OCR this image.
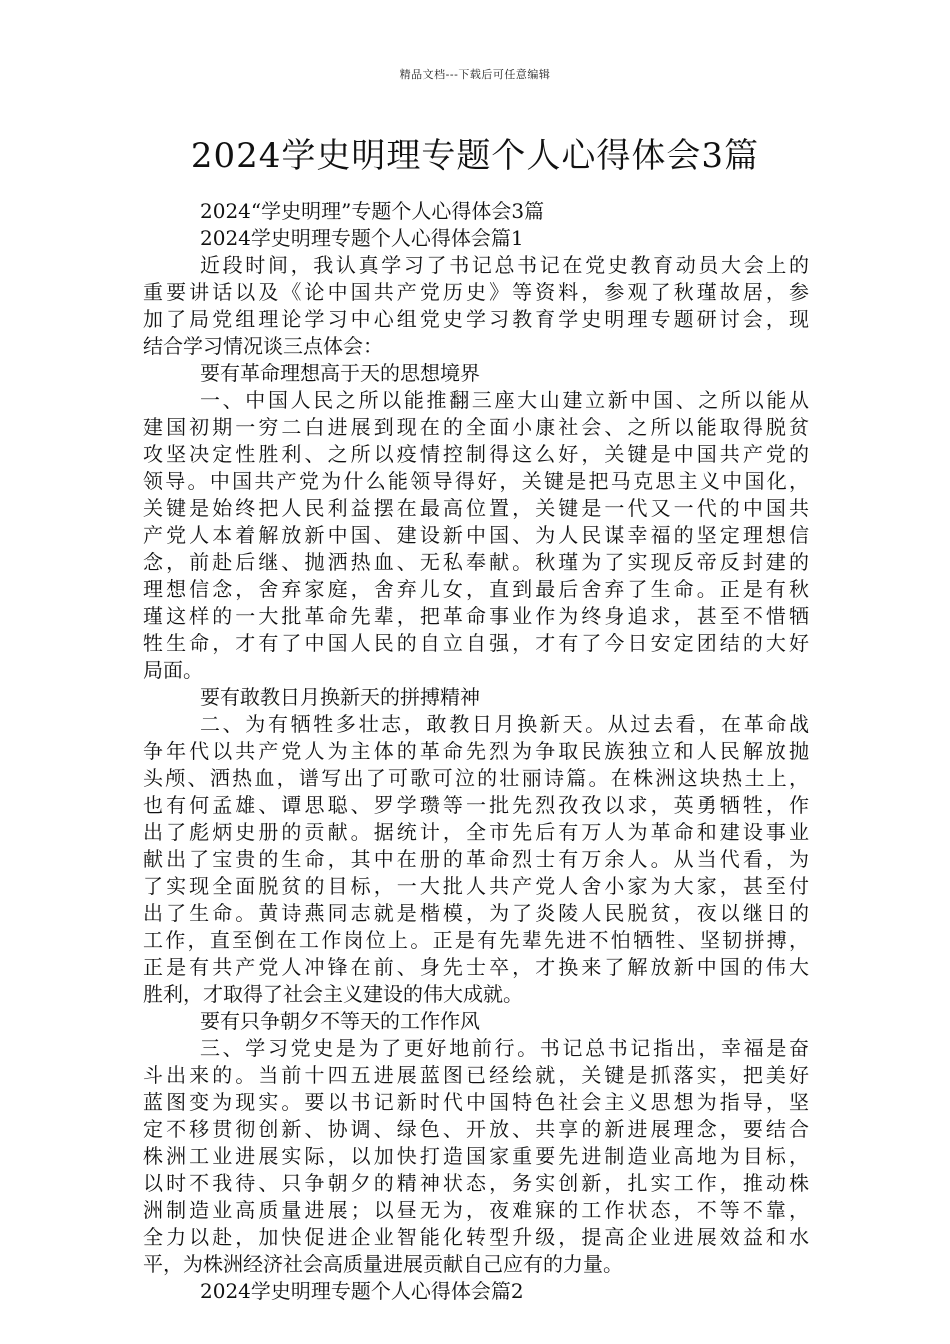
精品文档---下载后可任意编辑
2024学史明理专题个人心得体会3篇
2024“学史明理”专题个人心得体会3篇
2024学史明理专题个人心得体会篇1
近段时间，我认真学习了书记总书记在党史教育动员大会上的
重要讲话以及《论中国共产党历史》等资料，参观了秋瑾故居，参
加了局党组理论学习中心组党史学习教育学史明理专题研讨会，现
结合学习情况谈三点体会：
要有革命理想高于天的思想境界
一、中国人民之所以能推翻三座大山建立新中国、之所以能从
建国初期一穷二白进展到现在的全面小康社会、之所以能取得脱贫
攻坚决定性胜利、之所以疫情控制得这么好，关键是中国共产党的
领导。中国共产党为什么能领导得好，关键是把马克思主义中国化，
关键是始终把人民利益摆在最高位置，关键是一代又一代的中国共
产党人本着解放新中国、建设新中国、为人民谋幸福的坚定理想信
念，前赴后继、抛洒热血、无私奉献。秋瑾为了实现反帝反封建的
理想信念，舍弃家庭，舍弃儿女，直到最后舍弃了生命。正是有秋
瑾这样的一大批革命先辈，把革命事业作为终身追求，甚至不惜牺
牲生命，才有了中国人民的自立自强，才有了今日安定团结的大好
局面。
要有敢教日月换新天的拼搏精神
二、为有牺牲多壮志，敢教日月换新天。从过去看，在革命战
争年代以共产党人为主体的革命先烈为争取民族独立和人民解放抛
头颅、洒热血，谱写出了可歌可泣的壮丽诗篇。在株洲这块热土上，
也有何孟雄、谭思聪、罗学瓒等一批先烈孜孜以求，英勇牺牲，作
出了彪炳史册的贡献。据统计，全市先后有万人为革命和建设事业
献出了宝贵的生命，其中在册的革命烈士有万余人。从当代看，为
了实现全面脱贫的目标，一大批人共产党人舍小家为大家，甚至付
出了生命。黄诗燕同志就是楷模，为了炎陵人民脱贫，夜以继日的
工作，直至倒在工作岗位上。正是有先辈先进不怕牺牲、坚韧拼搏，
正是有共产党人冲锋在前、身先士卒，才换来了解放新中国的伟大
胜利，才取得了社会主义建设的伟大成就。
要有只争朝夕不等天的工作作风
三、学习党史是为了更好地前行。书记总书记指出，幸福是奋
斗出来的。当前十四五进展蓝图已经绘就，关键是抓落实，把美好
蓝图变为现实。要以书记新时代中国特色社会主义思想为指导，坚
定不移贯彻创新、协调、绿色、开放、共享的新进展理念，要结合
株洲工业进展实际，以加快打造国家重要先进制造业高地为目标，
以时不我待、只争朝夕的精神状态，务实创新，扎实工作，推动株
洲制造业高质量进展；以昼无为，夜难寐的工作状态，不等不靠，
全力以赴，加快促进企业智能化转型升级，提高企业进展效益和水
平，为株洲经济社会高质量进展贡献自己应有的力量。
2024学史明理专题个人心得体会篇2
